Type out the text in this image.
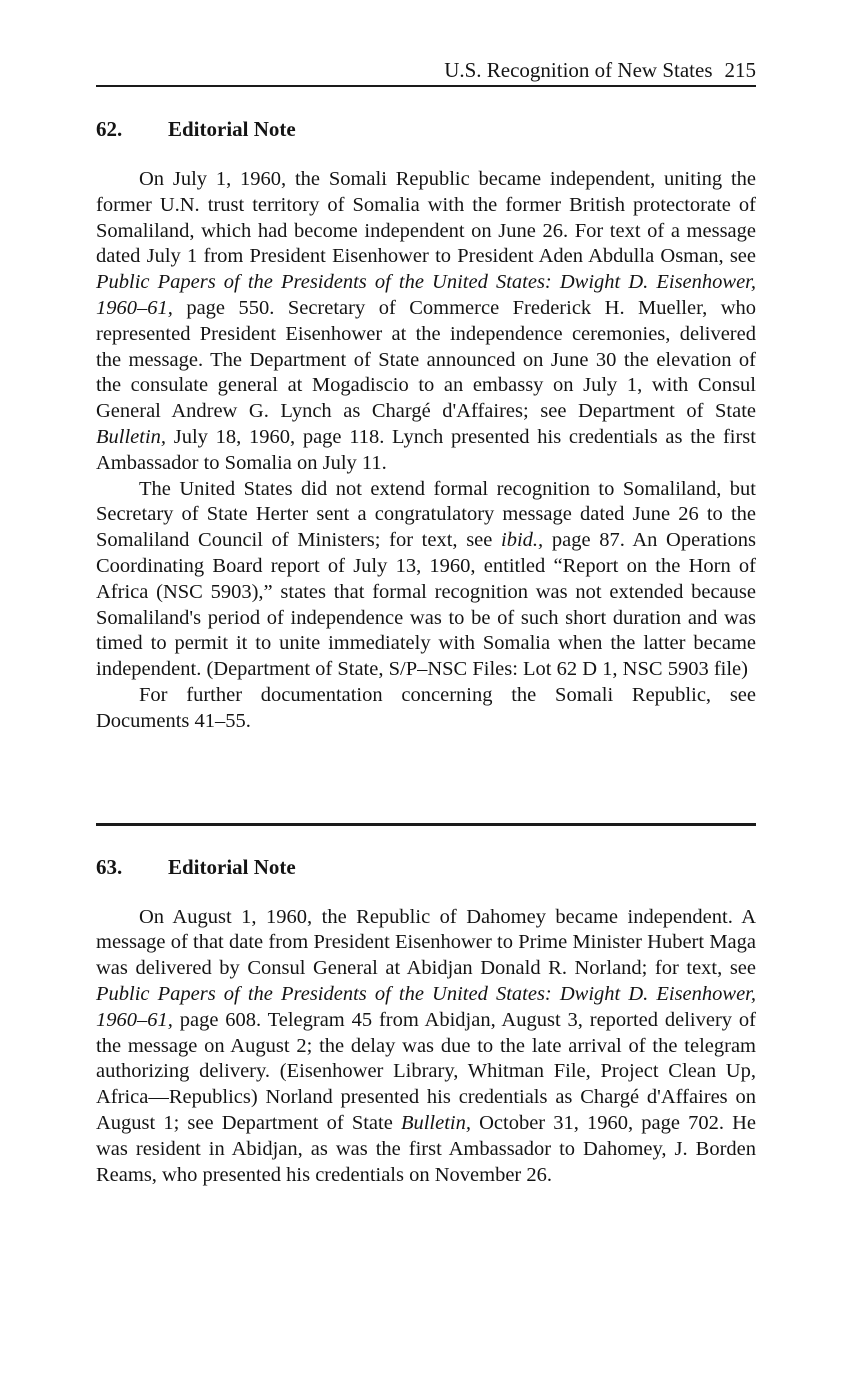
U.S. Recognition of New States 215
62.	Editorial Note

On July 1, 1960, the Somali Republic became independent, uniting the former U.N. trust territory of Somalia with the former British protectorate of Somaliland, which had become independent on June 26. For text of a message dated July 1 from President Eisenhower to President Aden Abdulla Osman, see Public Papers of the Presidents of the United States: Dwight D. Eisenhower, 1960–61, page 550. Secretary of Commerce Frederick H. Mueller, who represented President Eisenhower at the independence ceremonies, delivered the message. The Department of State announced on June 30 the elevation of the consulate general at Mogadiscio to an embassy on July 1, with Consul General Andrew G. Lynch as Chargé d'Affaires; see Department of State Bulletin, July 18, 1960, page 118. Lynch presented his credentials as the first Ambassador to Somalia on July 11.

The United States did not extend formal recognition to Somaliland, but Secretary of State Herter sent a congratulatory message dated June 26 to the Somaliland Council of Ministers; for text, see ibid., page 87. An Operations Coordinating Board report of July 13, 1960, entitled “Report on the Horn of Africa (NSC 5903),” states that formal recognition was not extended because Somaliland's period of independence was to be of such short duration and was timed to permit it to unite immediately with Somalia when the latter became independent. (Department of State, S/P–NSC Files: Lot 62 D 1, NSC 5903 file)

For further documentation concerning the Somali Republic, see Documents 41–55.

63.	Editorial Note

On August 1, 1960, the Republic of Dahomey became independent. A message of that date from President Eisenhower to Prime Minister Hubert Maga was delivered by Consul General at Abidjan Donald R. Norland; for text, see Public Papers of the Presidents of the United States: Dwight D. Eisenhower, 1960–61, page 608. Telegram 45 from Abidjan, August 3, reported delivery of the message on August 2; the delay was due to the late arrival of the telegram authorizing delivery. (Eisenhower Library, Whitman File, Project Clean Up, Africa—Republics) Norland presented his credentials as Chargé d'Affaires on August 1; see Department of State Bulletin, October 31, 1960, page 702. He was resident in Abidjan, as was the first Ambassador to Dahomey, J. Borden Reams, who presented his credentials on November 26.
